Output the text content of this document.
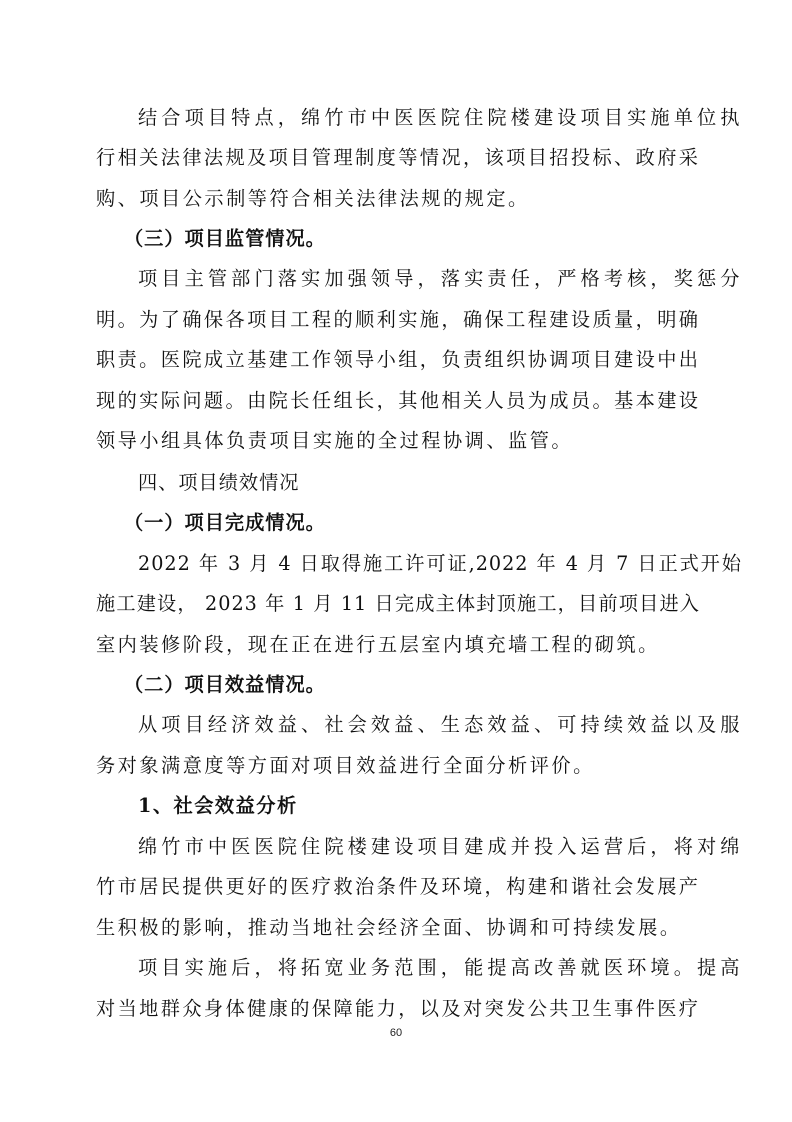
结合项目特点，绵竹市中医医院住院楼建设项目实施单位执
行相关法律法规及项目管理制度等情况，该项目招投标、政府采
购、项目公示制等符合相关法律法规的规定。
（三）项目监管情况。
项目主管部门落实加强领导，落实责任，严格考核，奖惩分
明。为了确保各项目工程的顺利实施，确保工程建设质量，明确
职责。医院成立基建工作领导小组，负责组织协调项目建设中出
现的实际问题。由院长任组长，其他相关人员为成员。基本建设
领导小组具体负责项目实施的全过程协调、监管。
四、项目绩效情况
（一）项目完成情况。
2022 年 3 月 4 日取得施工许可证,2022 年 4 月 7 日正式开始
施工建设， 2023 年 1 月 11 日完成主体封顶施工，目前项目进入
室内装修阶段，现在正在进行五层室内填充墙工程的砌筑。
（二）项目效益情况。
从项目经济效益、社会效益、生态效益、可持续效益以及服
务对象满意度等方面对项目效益进行全面分析评价。
1、社会效益分析
绵竹市中医医院住院楼建设项目建成并投入运营后，将对绵
竹市居民提供更好的医疗救治条件及环境，构建和谐社会发展产
生积极的影响，推动当地社会经济全面、协调和可持续发展。
项目实施后，将拓宽业务范围，能提高改善就医环境。提高
对当地群众身体健康的保障能力，以及对突发公共卫生事件医疗
60
